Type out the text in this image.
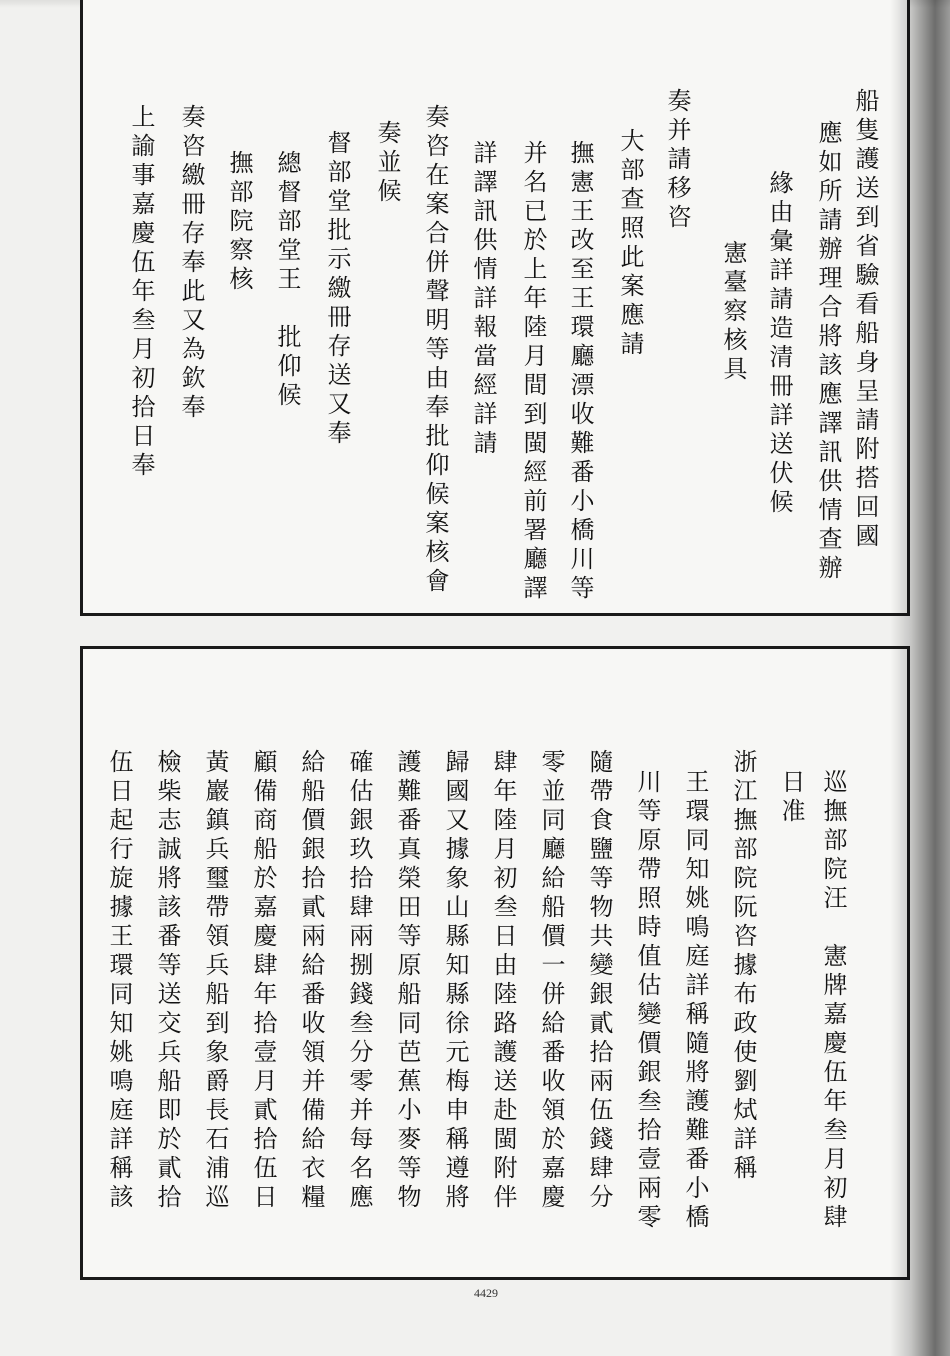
船隻護送到省驗看船身呈請附搭回國
應如所請辦理合將該應譯訊供情查辦
緣由彙詳請造清冊詳送伏候
憲臺察核具
奏并請移咨
大部查照此案應請
撫憲王改至王環廳漂收難番小橋川等
并名已於上年陸月間到閩經前署廳譯
詳譯訊供情詳報當經詳請
奏咨在案合併聲明等由奉批仰候案核會
奏並候
督部堂批示繳冊存送又奉
總督部堂王　批仰候
撫部院察核
奏咨繳冊存奉此又為欽奉
上諭事嘉慶伍年叁月初拾日奉
巡撫部院汪　憲牌嘉慶伍年叁月初肆
日准
浙江撫部院阮咨據布政使劉烒詳稱
王環同知姚鳴庭詳稱隨將護難番小橋
川等原帶照時值估變價銀叁拾壹兩零
隨帶食鹽等物共變銀貳拾兩伍錢肆分
零並同廳給船價一併給番收領於嘉慶
肆年陸月初叁日由陸路護送赴閩附伴
歸國又據象山縣知縣徐元梅申稱遵將
護難番真榮田等原船同芭蕉小麥等物
確估銀玖拾肆兩捌錢叁分零并每名應
給船價銀拾貳兩給番收領并備給衣糧
顧備商船於嘉慶肆年拾壹月貳拾伍日
黃巖鎮兵璽帶領兵船到象爵長石浦巡
檢柴志誠將該番等送交兵船即於貳拾
伍日起行旋據王環同知姚鳴庭詳稱該
4429
